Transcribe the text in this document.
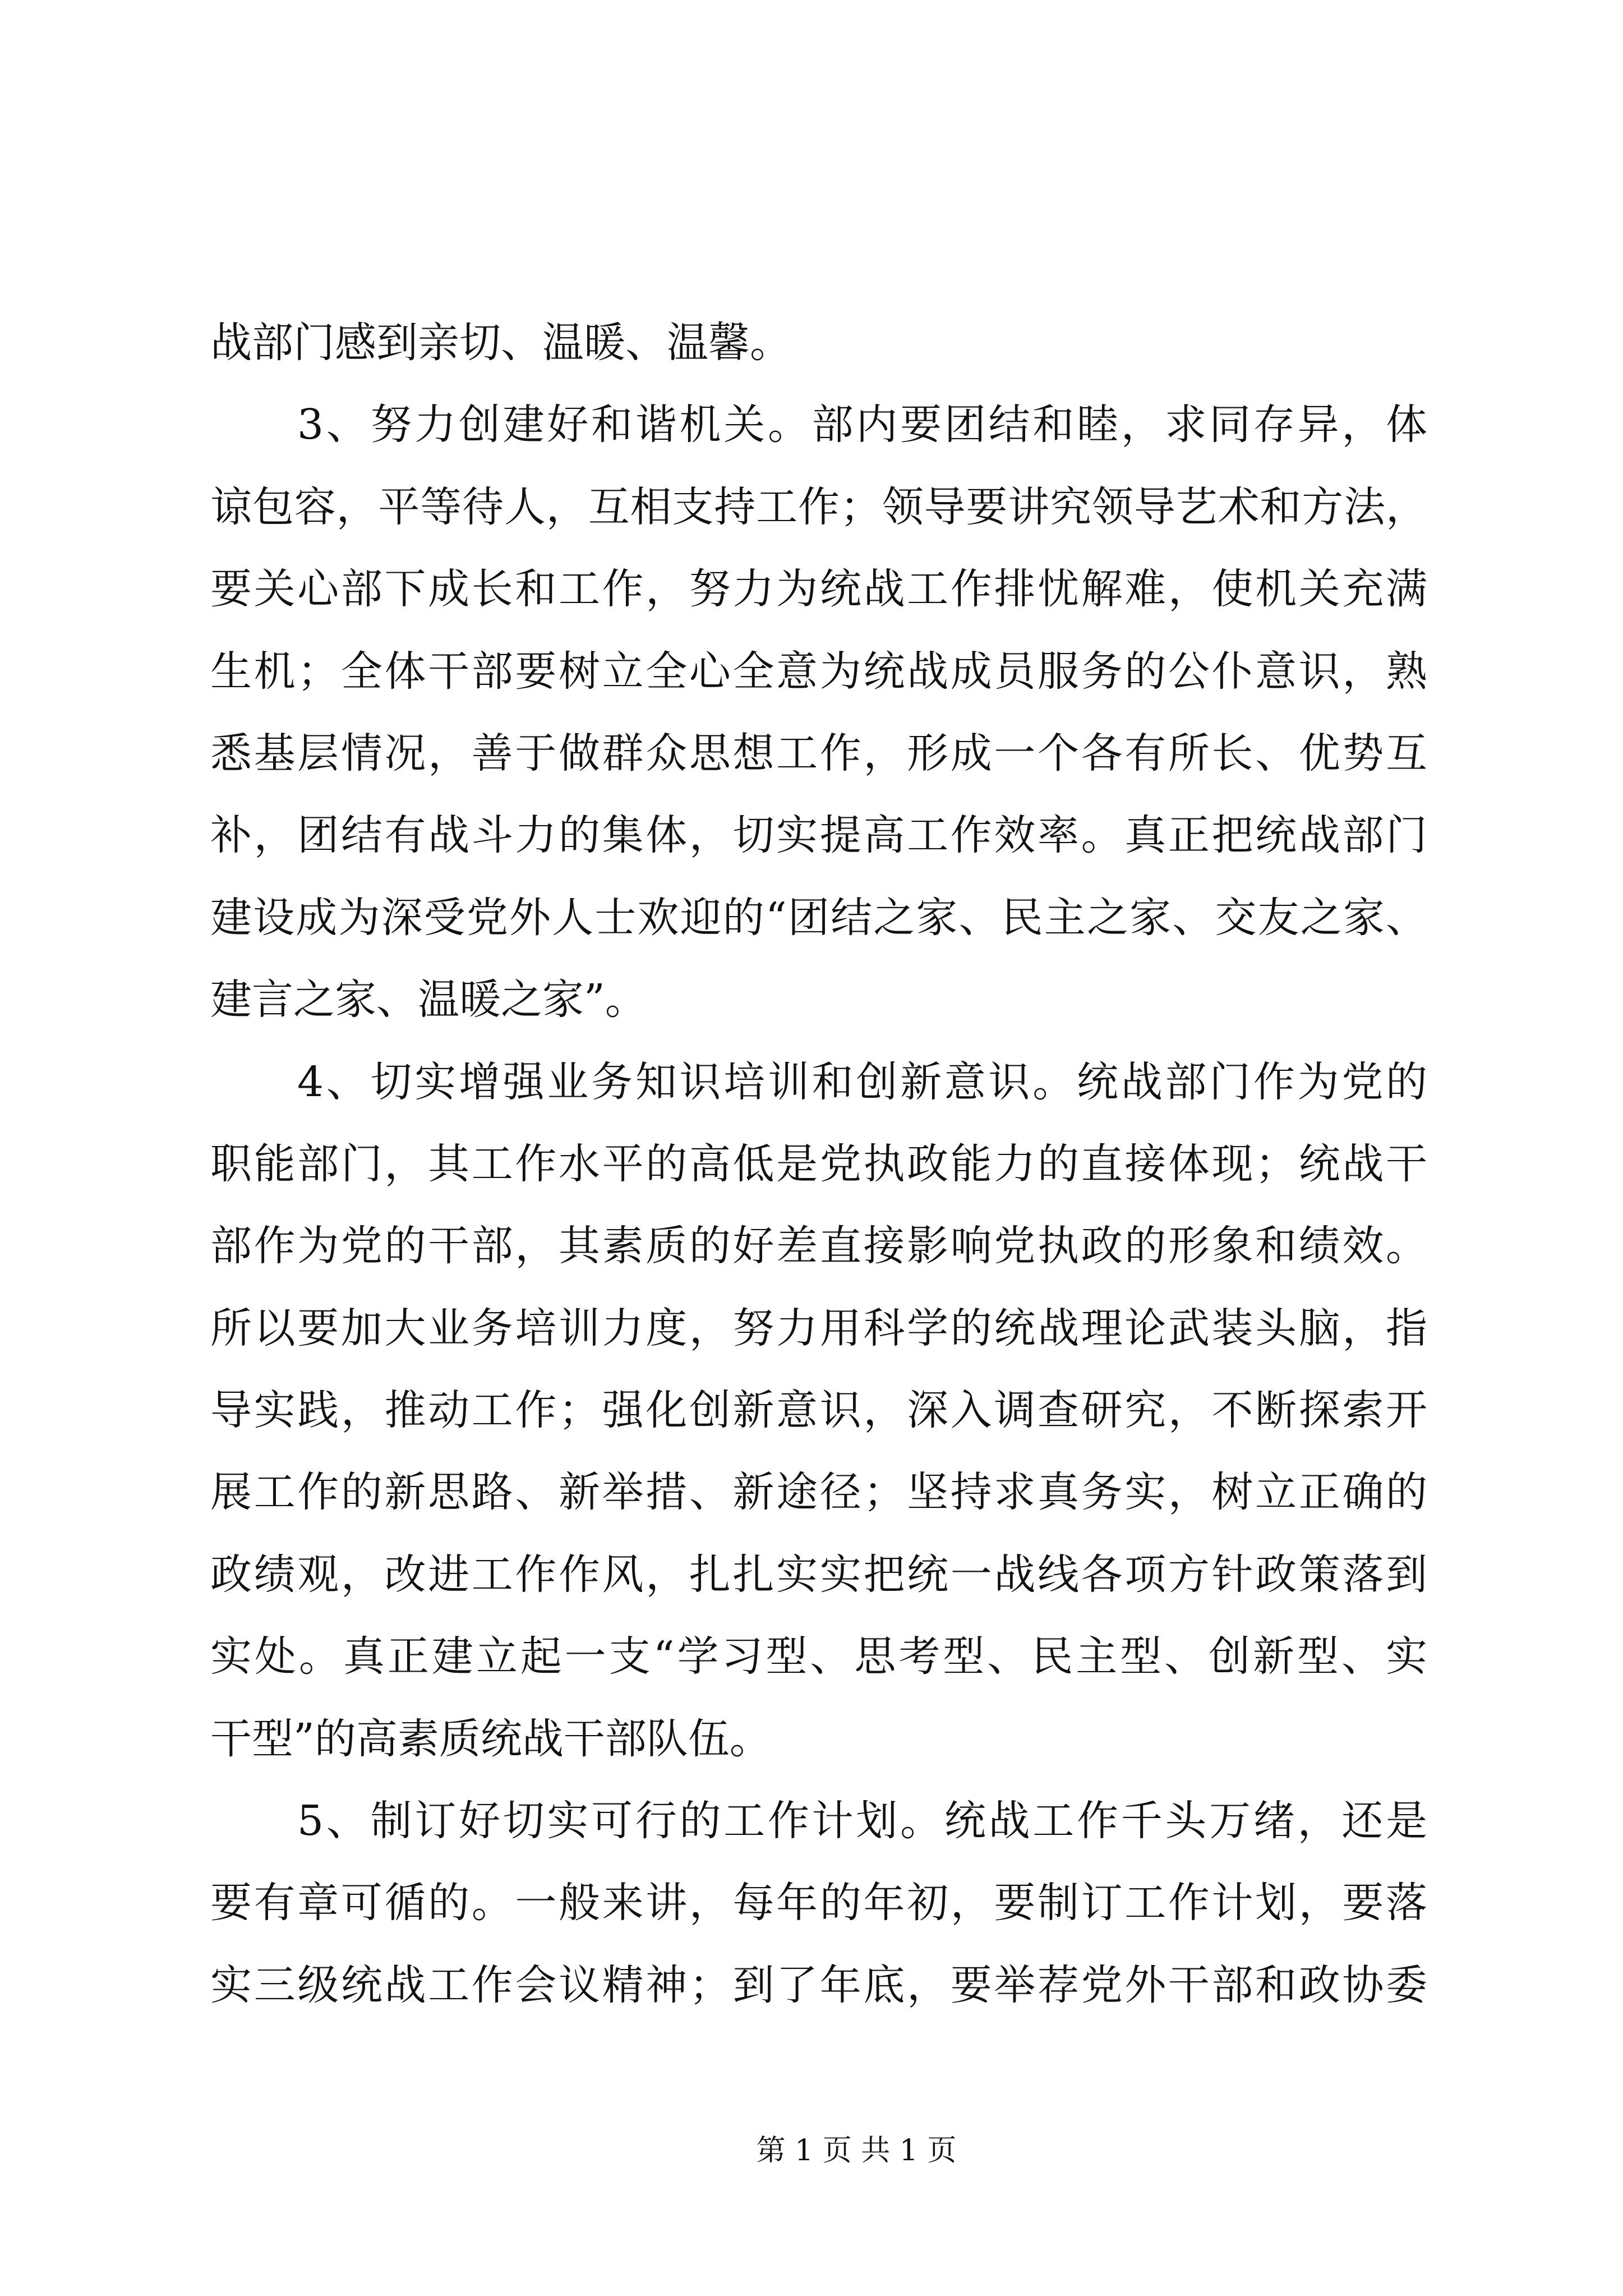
战部门感到亲切、温暖、温馨。
3、努力创建好和谐机关。部内要团结和睦，求同存异，体
谅包容，平等待人，互相支持工作；领导要讲究领导艺术和方法，
要关心部下成长和工作，努力为统战工作排忧解难，使机关充满
生机；全体干部要树立全心全意为统战成员服务的公仆意识，熟
悉基层情况，善于做群众思想工作，形成一个各有所长、优势互
补，团结有战斗力的集体，切实提高工作效率。真正把统战部门
建设成为深受党外人士欢迎的“团结之家、民主之家、交友之家、
建言之家、温暖之家”。
4、切实增强业务知识培训和创新意识。统战部门作为党的
职能部门，其工作水平的高低是党执政能力的直接体现；统战干
部作为党的干部，其素质的好差直接影响党执政的形象和绩效。
所以要加大业务培训力度，努力用科学的统战理论武装头脑，指
导实践，推动工作；强化创新意识，深入调查研究，不断探索开
展工作的新思路、新举措、新途径；坚持求真务实，树立正确的
政绩观，改进工作作风，扎扎实实把统一战线各项方针政策落到
实处。真正建立起一支“学习型、思考型、民主型、创新型、实
干型”的高素质统战干部队伍。
5、制订好切实可行的工作计划。统战工作千头万绪，还是
要有章可循的。一般来讲，每年的年初，要制订工作计划，要落
实三级统战工作会议精神；到了年底，要举荐党外干部和政协委
第 1 页 共 1 页
